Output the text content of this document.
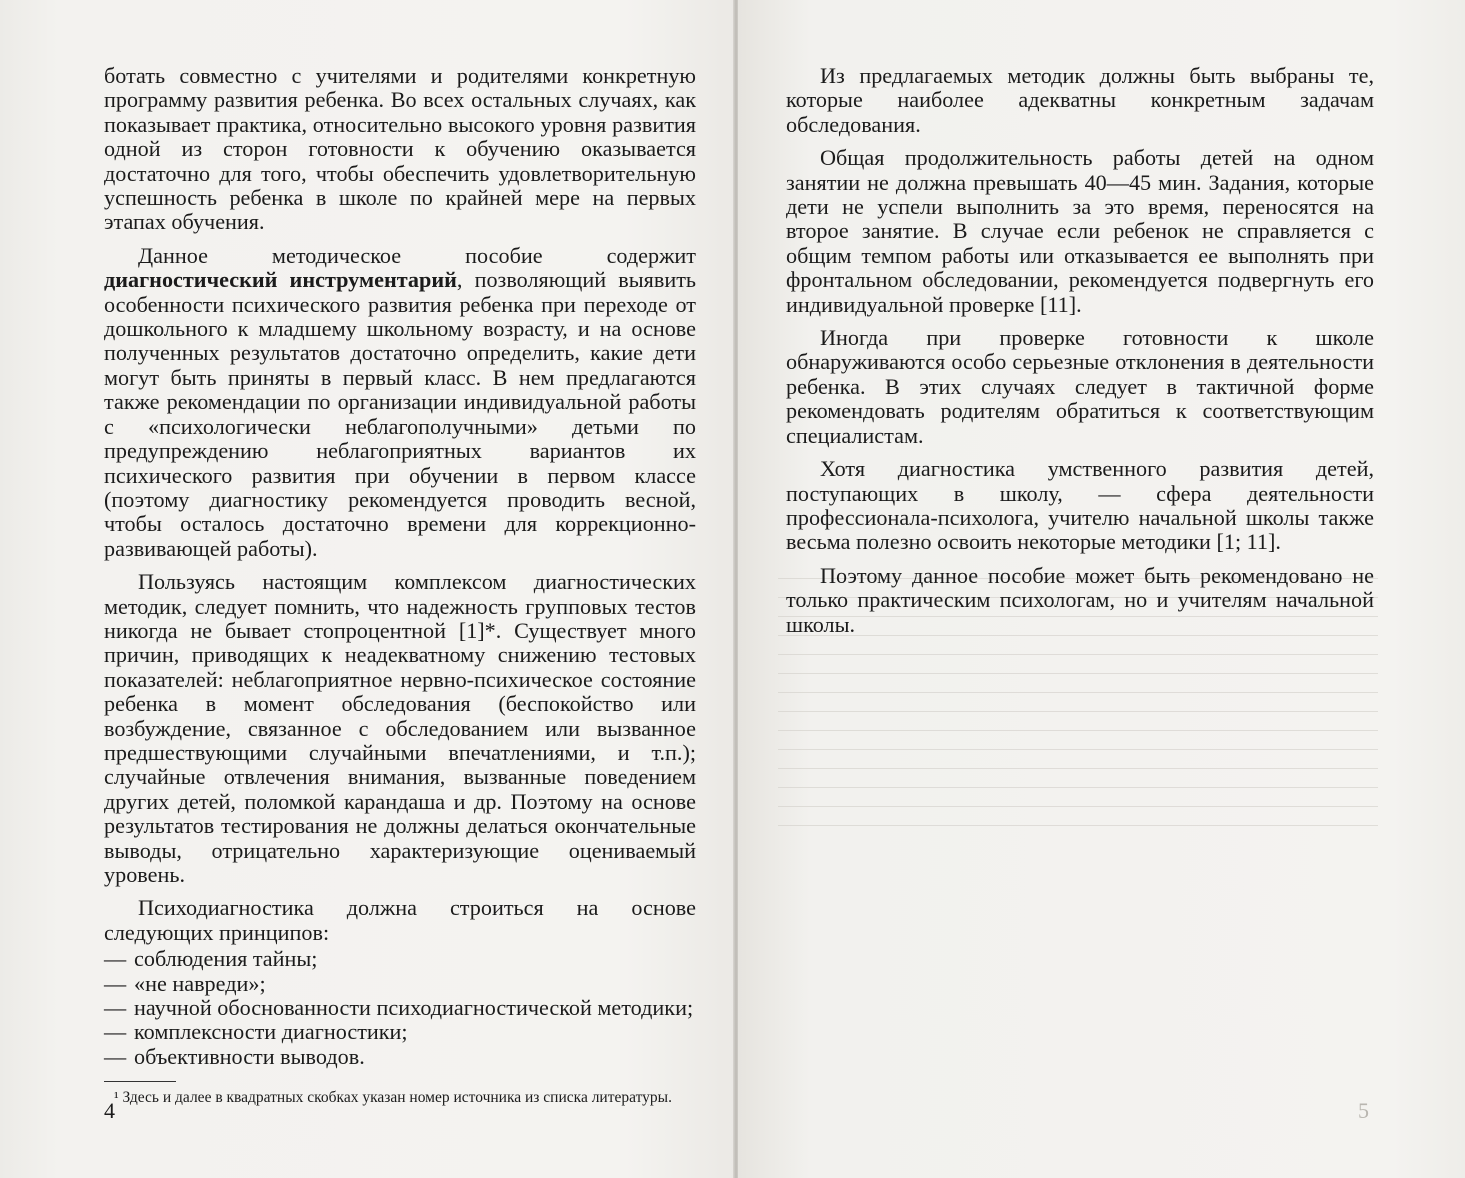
ботать совместно с учителями и родителями конкретную программу развития ребенка. Во всех остальных случаях, как показывает практика, относительно высокого уровня развития одной из сторон готовности к обучению оказывается достаточно для того, чтобы обеспечить удовлетворительную успешность ребенка в школе по крайней мере на первых этапах обучения.

Данное методическое пособие содержит диагностический инструментарий, позволяющий выявить особенности психического развития ребенка при переходе от дошкольного к младшему школьному возрасту, и на основе полученных результатов достаточно определить, какие дети могут быть приняты в первый класс. В нем предлагаются также рекомендации по организации индивидуальной работы с «психологически неблагополучными» детьми по предупреждению неблагоприятных вариантов их психического развития при обучении в первом классе (поэтому диагностику рекомендуется проводить весной, чтобы осталось достаточно времени для коррекционно-развивающей работы).

Пользуясь настоящим комплексом диагностических методик, следует помнить, что надежность групповых тестов никогда не бывает стопроцентной [1]*. Существует много причин, приводящих к неадекватному снижению тестовых показателей: неблагоприятное нервно-психическое состояние ребенка в момент обследования (беспокойство или возбуждение, связанное с обследованием или вызванное предшествующими случайными впечатлениями, и т.п.); случайные отвлечения внимания, вызванные поведением других детей, поломкой карандаша и др. Поэтому на основе результатов тестирования не должны делаться окончательные выводы, отрицательно характеризующие оцениваемый уровень.

Психодиагностика должна строиться на основе следующих принципов:

— соблюдения тайны;
— «не навреди»;
— научной обоснованности психодиагностической методики;
— комплексности диагностики;
— объективности выводов.
¹ Здесь и далее в квадратных скобках указан номер источника из списка литературы.
4

Из предлагаемых методик должны быть выбраны те, которые наиболее адекватны конкретным задачам обследования.

Общая продолжительность работы детей на одном занятии не должна превышать 40—45 мин. Задания, которые дети не успели выполнить за это время, переносятся на второе занятие. В случае если ребенок не справляется с общим темпом работы или отказывается ее выполнять при фронтальном обследовании, рекомендуется подвергнуть его индивидуальной проверке [11].

Иногда при проверке готовности к школе обнаруживаются особо серьезные отклонения в деятельности ребенка. В этих случаях следует в тактичной форме рекомендовать родителям обратиться к соответствующим специалистам.

Хотя диагностика умственного развития детей, поступающих в школу, — сфера деятельности профессионала-психолога, учителю начальной школы также весьма полезно освоить некоторые методики [1; 11].

Поэтому данное пособие может быть рекомендовано не только практическим психологам, но и учителям начальной школы.

5
